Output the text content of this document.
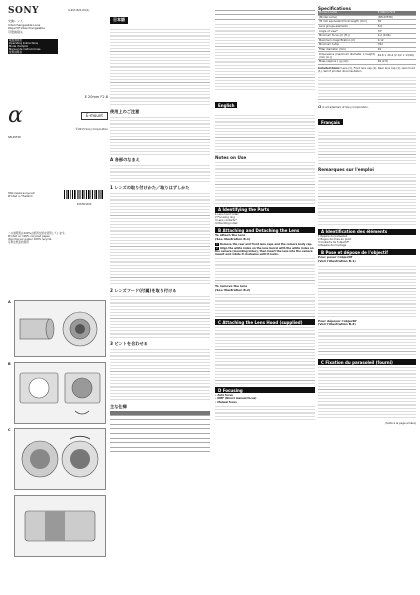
SONY	4-457-821-03(1)
交換レンズ
Interchangeable Lens
Objectif interchangeable
可更换镜头
取扱説明書
Operating Instructions
Mode d'emploi
Manual de instrucciones
使用说明书
E 20mm F2.8
α	E-mount
©2013 Sony Corporation
SEL20F28
http://www.sony.net/
Printed in Thailand
4457821030
この説明書は100%古紙再生紙を使用しています。
Printed on 100% recycled paper.
Imprimé sur papier 100% recyclé.
可再生纸张的使用
A
B
C
日本語
使用上のご注意
A 各部のなまえ
1 レンズの取り付けかた／取りはずしかた
2 レンズフード(付属)を取り付ける
3 ピントを合わせる
主な仕様

English
Notes on Use
A Identifying the Parts
1 Lens hood index
2 Focusing ring
3 Lens contacts*
4 Mounting index
B Attaching and Detaching the Lens
To attach the lens
(See Illustration B-1)
1 Remove the rear and front lens caps and the camera body cap.
2 Align the white index on the lens barrel with the white index on the camera (mounting index), then insert the lens into the camera mount and rotate it clockwise until it locks.
To remove the lens
(See Illustration B-2)
C Attaching the Lens Hood (supplied)
D Focusing
• Auto focus
• DMF (Direct manual focus)
• Manual focus
Specifications
Product name	E 20mm F2.8
(Model name)	(SEL20F28)
35 mm equivalent focal length (mm)	30
Lens groups-elements	6-6
Angle of view*	70°
Minimum focus (m (ft.))	0.2 (0.66)
Maximum magnification (X)	0.12
Minimum f-stop	f/22
Filter diameter (mm)	49
Dimensions (maximum diameter × height) (mm (in.))	62.6 × 20.4 (2 1/2 × 13/16)
Mass (approx.) (g (oz))	69 (2.5)
Included items: Lens (1), Front lens cap (1), Rear lens cap (1), Lens hood (1), Set of printed documentation
α is a trademark of Sony Corporation.
Français
Remarques sur l'emploi
A Identification des éléments
1 Repère du parasoleil
2 Bague de mise au point
3 Contacts de l'objectif*
4 Repère de montage
B Pose et dépose de l'objectif
Pour poser l'objectif
(Voir l'illustration B-1)
Pour déposer l'objectif
(Voir l'illustration B-2)
C Fixation du parasoleil (fourni)
(Suite à la page arrière)
